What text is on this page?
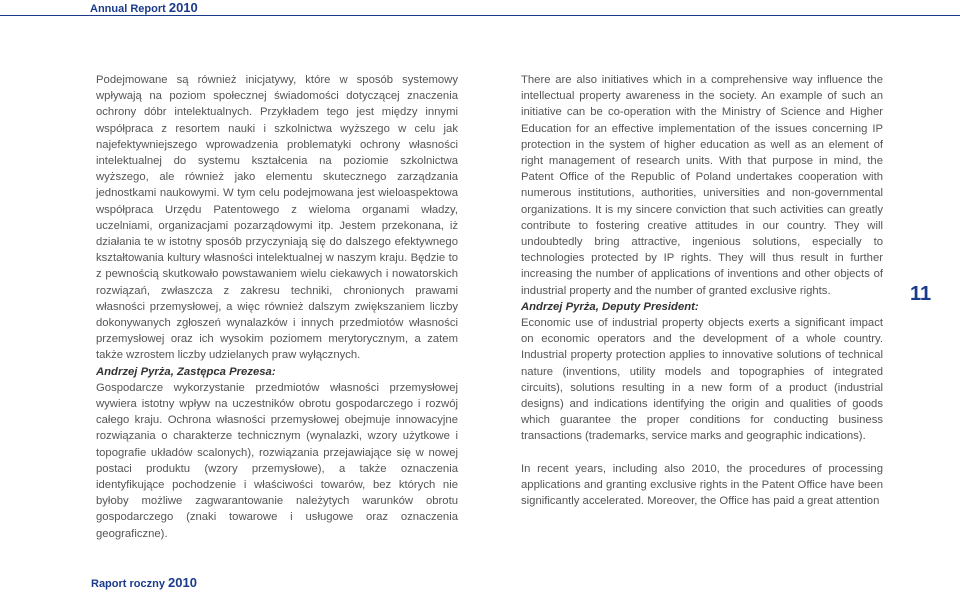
Annual Report 2010

Podejmowane są również inicjatywy, które w sposób systemowy wpływają na poziom społecznej świadomości dotyczącej znaczenia ochrony dóbr intelektualnych. Przykładem tego jest między innymi współpraca z resortem nauki i szkolnictwa wyższego w celu jak najefektywniejszego wprowadzenia problematyki ochrony własności intelektualnej do systemu kształcenia na poziomie szkolnictwa wyższego, ale również jako elementu skutecznego zarządzania jednostkami naukowymi. W tym celu podejmowana jest wieloaspektowa współpraca Urzędu Patentowego z wieloma organami władzy, uczelniami, organizacjami pozarządowymi itp. Jestem przekonana, iż działania te w istotny sposób przyczyniają się do dalszego efektywnego kształtowania kultury własności intelektualnej w naszym kraju. Będzie to z pewnością skutkowało powstawaniem wielu ciekawych i nowatorskich rozwiązań, zwłaszcza z zakresu techniki, chronionych prawami własności przemysłowej, a więc również dalszym zwiększaniem liczby dokonywanych zgłoszeń wynalazków i innych przedmiotów własności przemysłowej oraz ich wysokim poziomem merytorycznym, a zatem także wzrostem liczby udzielanych praw wyłącznych.

Andrzej Pyrża, Zastępca Prezesa:

Gospodarcze wykorzystanie przedmiotów własności przemysłowej wywiera istotny wpływ na uczestników obrotu gospodarczego i rozwój całego kraju. Ochrona własności przemysłowej obejmuje innowacyjne rozwiązania o charakterze technicznym (wynalazki, wzory użytkowe i topografie układów scalonych), rozwiązania przejawiające się w nowej postaci produktu (wzory przemysłowe), a także oznaczenia identyfikujące pochodzenie i właściwości towarów, bez których nie byłoby możliwe zagwarantowanie należytych warunków obrotu gospodarczego (znaki towarowe i usługowe oraz oznaczenia geograficzne).

There are also initiatives which in a comprehensive way influence the intellectual property awareness in the society. An example of such an initiative can be co-operation with the Ministry of Science and Higher Education for an effective implementation of the issues concerning IP protection in the system of higher education as well as an element of right management of research units. With that purpose in mind, the Patent Office of the Republic of Poland undertakes cooperation with numerous institutions, authorities, universities and non-governmental organizations. It is my sincere conviction that such activities can greatly contribute to fostering creative attitudes in our country. They will undoubtedly bring attractive, ingenious solutions, especially to technologies protected by IP rights. They will thus result in further increasing the number of applications of inventions and other objects of industrial property and the number of granted exclusive rights.

Andrzej Pyrża, Deputy President:

Economic use of industrial property objects exerts a significant impact on economic operators and the development of a whole country. Industrial property protection applies to innovative solutions of technical nature (inventions, utility models and topographies of integrated circuits), solutions resulting in a new form of a product (industrial designs) and indications identifying the origin and qualities of goods which guarantee the proper conditions for conducting business transactions (trademarks, service marks and geographic indications).

In recent years, including also 2010, the procedures of processing applications and granting exclusive rights in the Patent Office have been significantly accelerated. Moreover, the Office has paid a great attention

11
Raport roczny 2010
